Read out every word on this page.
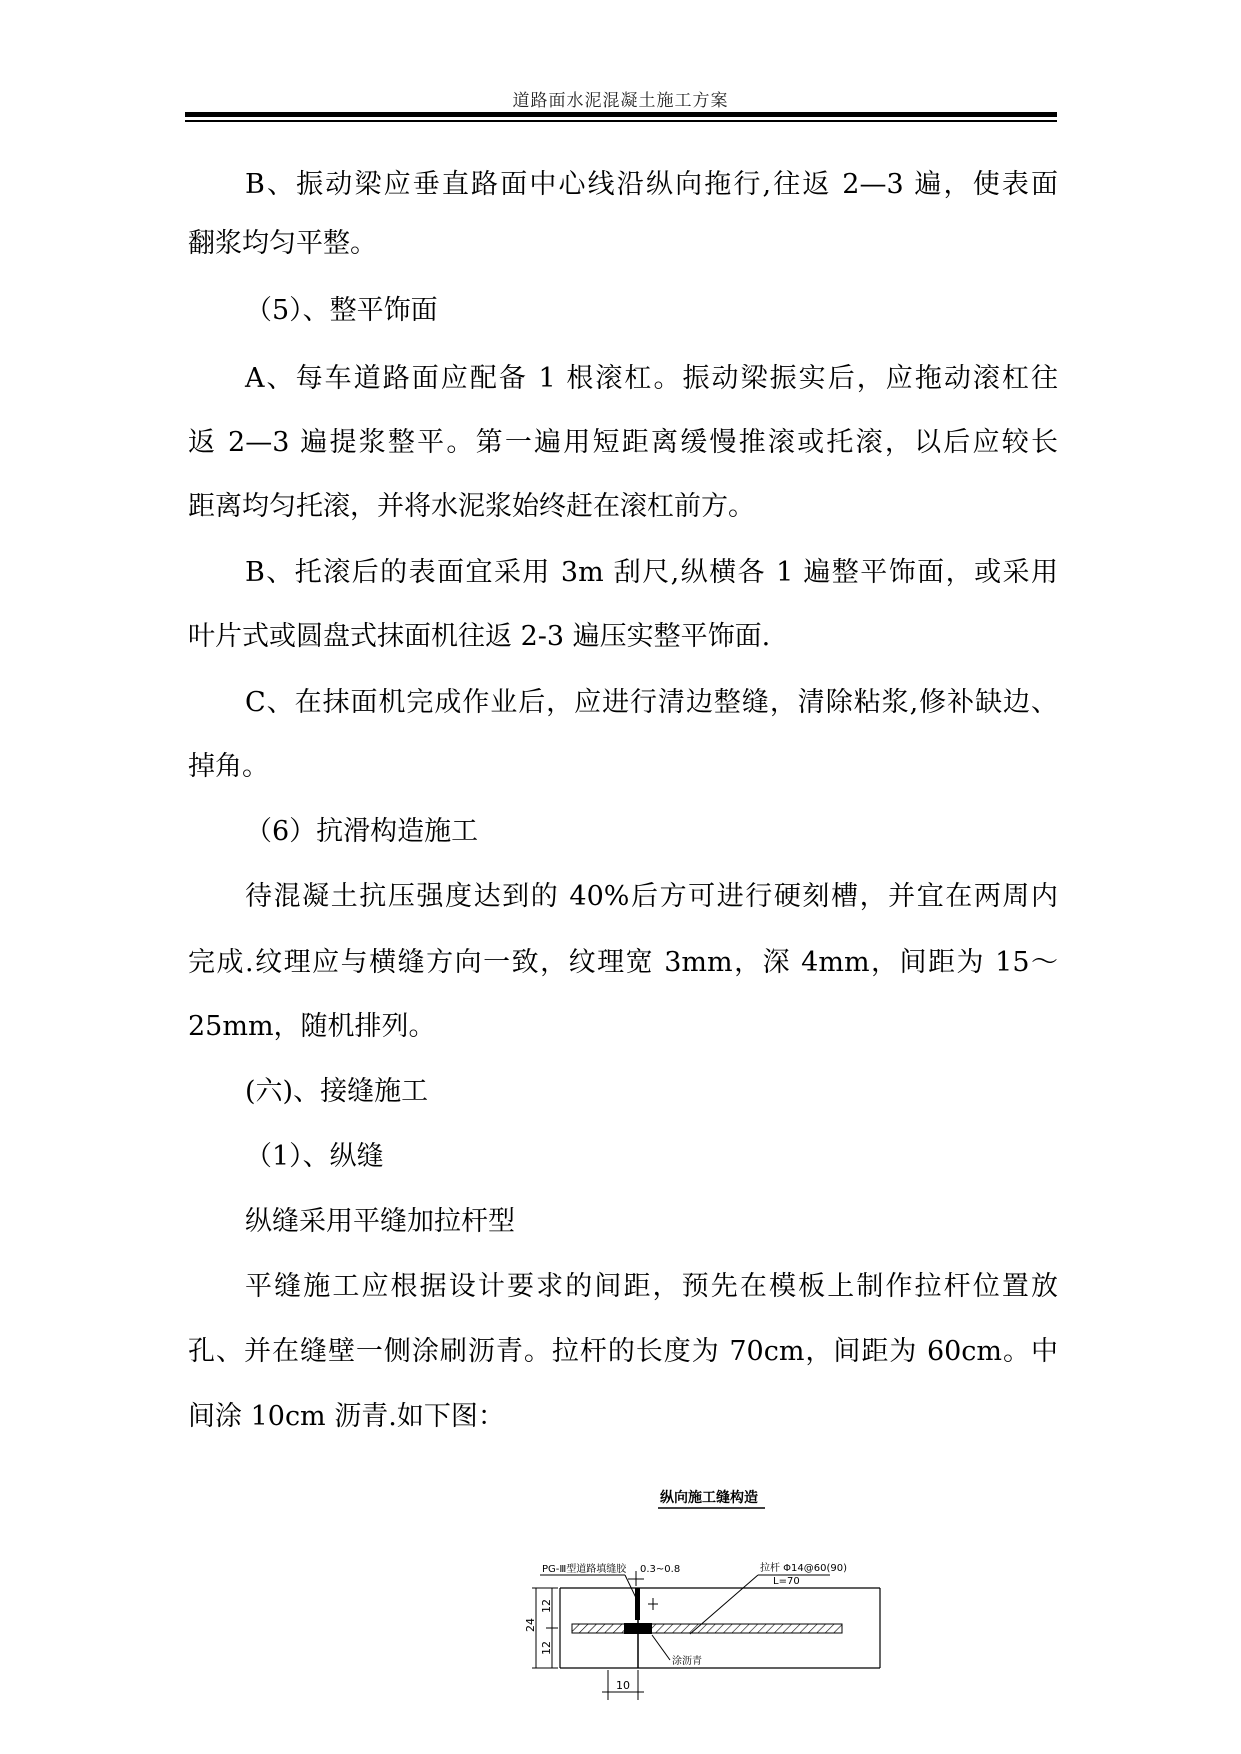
道路面水泥混凝土施工方案
B、振动梁应垂直路面中心线沿纵向拖行,往返 2—3 遍，使表面
翻浆均匀平整。
（5）、整平饰面
A、每车道路面应配备 1 根滚杠。振动梁振实后，应拖动滚杠往
返 2—3 遍提浆整平。第一遍用短距离缓慢推滚或托滚，以后应较长
距离均匀托滚，并将水泥浆始终赶在滚杠前方。
B、托滚后的表面宜采用 3m 刮尺,纵横各 1 遍整平饰面，或采用
叶片式或圆盘式抹面机往返 2-3 遍压实整平饰面.
C、在抹面机完成作业后，应进行清边整缝，清除粘浆,修补缺边、
掉角。
（6）抗滑构造施工
待混凝土抗压强度达到的 40%后方可进行硬刻槽，并宜在两周内
完成.纹理应与横缝方向一致，纹理宽 3mm，深 4mm，间距为 15～
25mm，随机排列。
(六)、接缝施工
（1）、纵缝
纵缝采用平缝加拉杆型
平缝施工应根据设计要求的间距，预先在模板上制作拉杆位置放
孔、并在缝壁一侧涂刷沥青。拉杆的长度为 70cm，间距为 60cm。中
间涂 10cm 沥青.如下图：
纵向施工缝构造
PG-Ⅲ型道路填缝胶 0.3~0.8	拉杆 Φ14@60(90)
L=70
涂沥青
24
12
12
10
